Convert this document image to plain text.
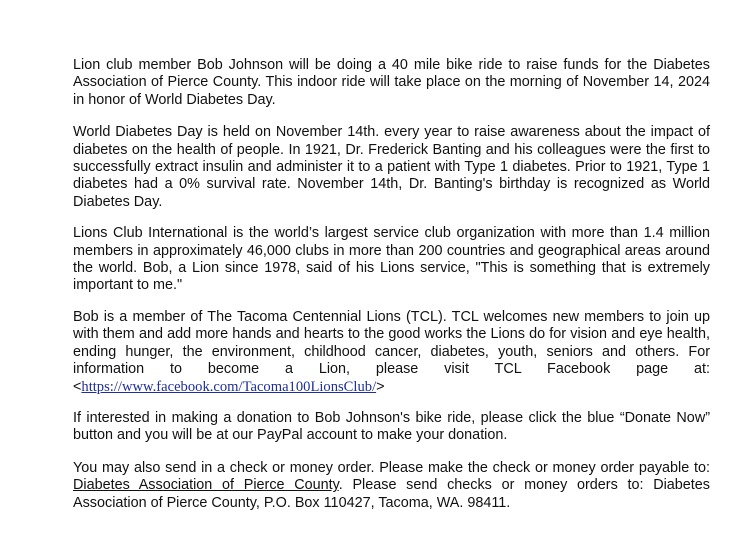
Lion club member Bob Johnson will be doing a 40 mile bike ride to raise funds for the Diabetes Association of Pierce County. This indoor ride will take place on the morning of November 14, 2024 in honor of World Diabetes Day.

World Diabetes Day is held on November 14th. every year to raise awareness about the impact of diabetes on the health of people. In 1921, Dr. Frederick Banting and his colleagues were the first to successfully extract insulin and administer it to a patient with Type 1 diabetes. Prior to 1921, Type 1 diabetes had a 0% survival rate. November 14th, Dr. Banting's birthday is recognized as World Diabetes Day.

Lions Club International is the world’s largest service club organization with more than 1.4 million members in approximately 46,000 clubs in more than 200 countries and geographical areas around the world. Bob, a Lion since 1978, said of his Lions service, "This is something that is extremely important to me."

Bob is a member of The Tacoma Centennial Lions (TCL). TCL welcomes new members to join up with them and add more hands and hearts to the good works the Lions do for vision and eye health, ending hunger, the environment, childhood cancer, diabetes, youth, seniors and others. For information to become a Lion, please visit TCL Facebook page at: <https://www.facebook.com/Tacoma100LionsClub/>

If interested in making a donation to Bob Johnson's bike ride, please click the blue “Donate Now” button and you will be at our PayPal account to make your donation.

You may also send in a check or money order. Please make the check or money order payable to: Diabetes Association of Pierce County. Please send checks or money orders to: Diabetes Association of Pierce County, P.O. Box 110427, Tacoma, WA. 98411.
